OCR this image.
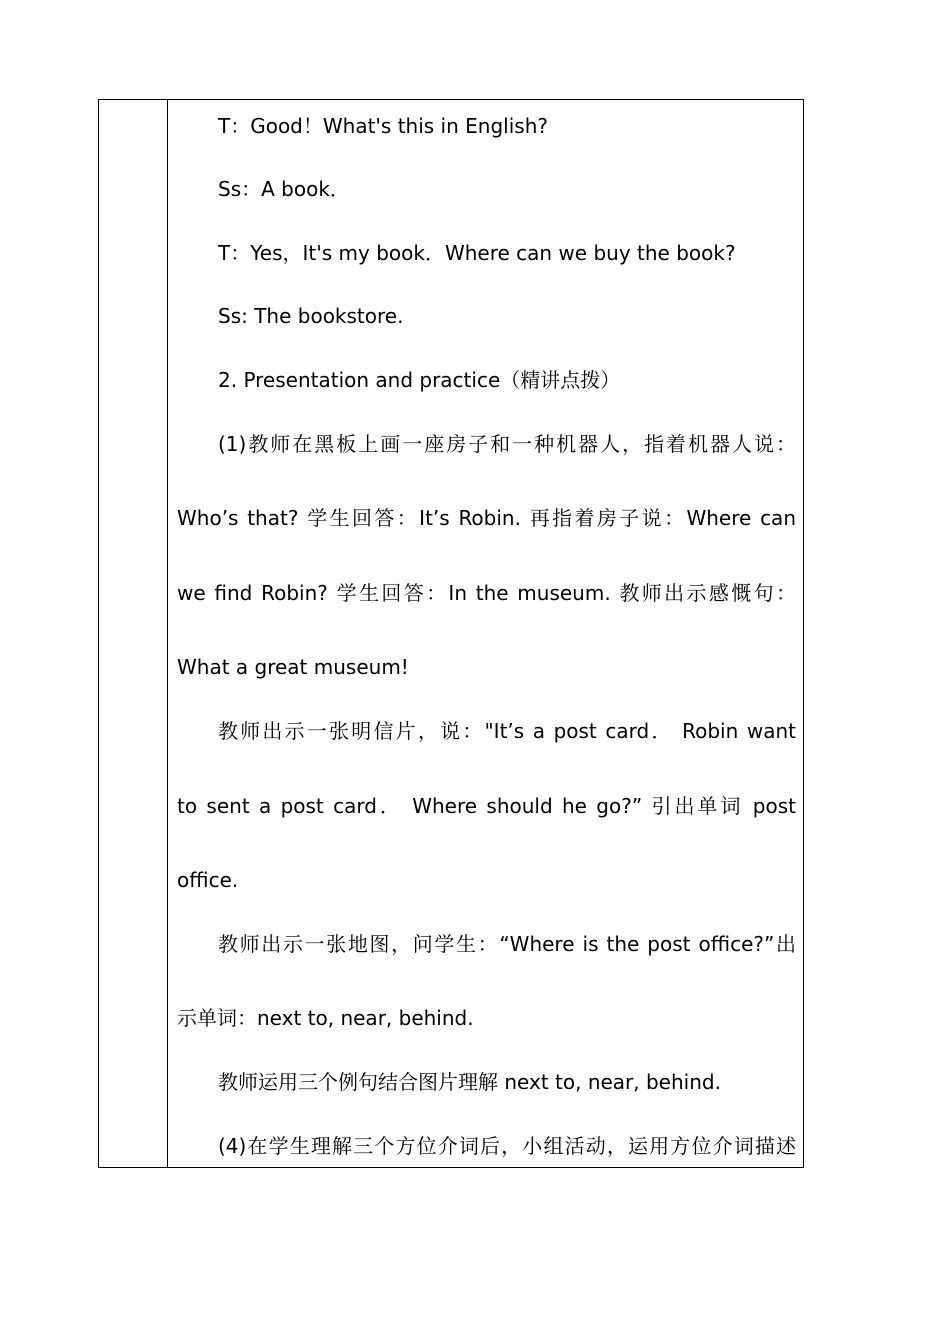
T：Good！What's this in English?
Ss：A book．
T：Yes，It's my book．Where can we buy the book?
Ss: The bookstore.
2. Presentation and practice（精讲点拨）
(1)教师在黑板上画一座房子和一种机器人，指着机器人说：
Who’s that? 学生回答：It’s Robin. 再指着房子说：Where can
we find Robin? 学生回答：In the museum. 教师出示感慨句：
What a great museum!
教师出示一张明信片，说："It’s a post card． Robin want
to sent a post card． Where should he go?” 引出单词 post
office.
教师出示一张地图，问学生：“Where is the post office?”出
示单词：next to, near, behind.
教师运用三个例句结合图片理解 next to, near, behind.
(4)在学生理解三个方位介词后，小组活动，运用方位介词描述
